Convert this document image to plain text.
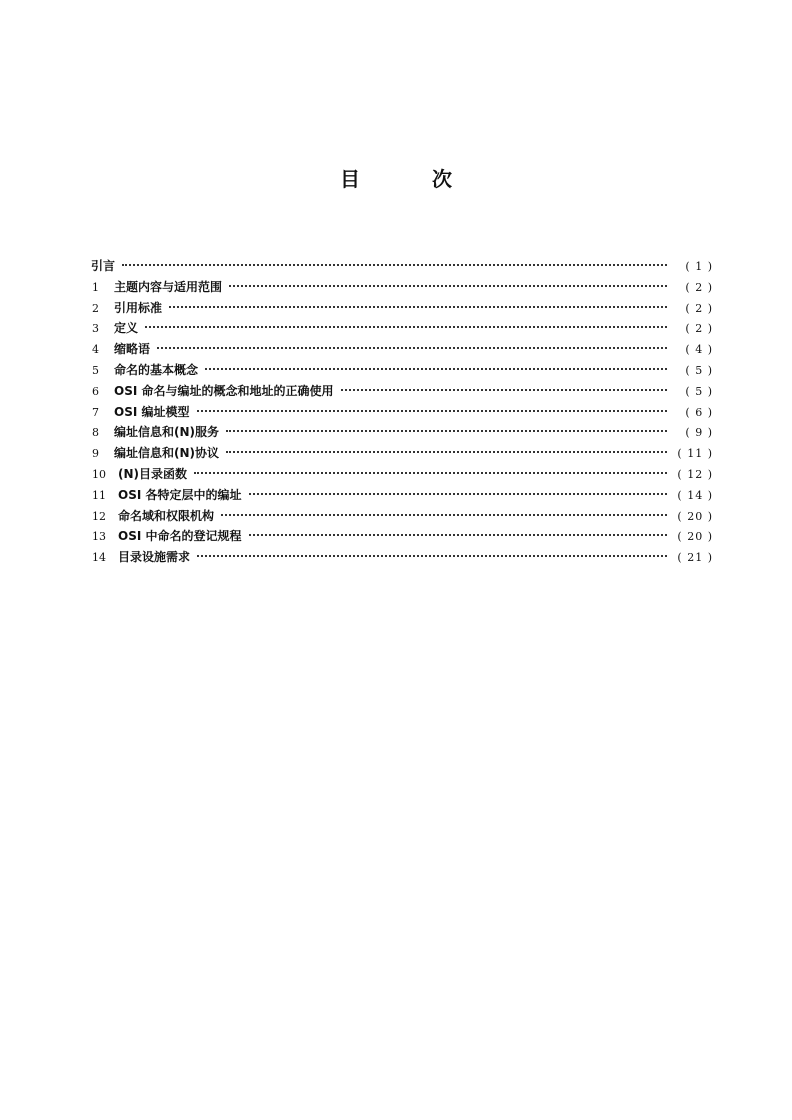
目	次
引言	( 1 )
1	主题内容与适用范围	( 2 )
2	引用标准	( 2 )
3	定义	( 2 )
4	缩略语	( 4 )
5	命名的基本概念	( 5 )
6	OSI 命名与编址的概念和地址的正确使用	( 5 )
7	OSI 编址模型	( 6 )
8	编址信息和(N)服务	( 9 )
9	编址信息和(N)协议	( 11 )
10	(N)目录函数	( 12 )
11	OSI 各特定层中的编址	( 14 )
12	命名域和权限机构	( 20 )
13	OSI 中命名的登记规程	( 20 )
14	目录设施需求	( 21 )
